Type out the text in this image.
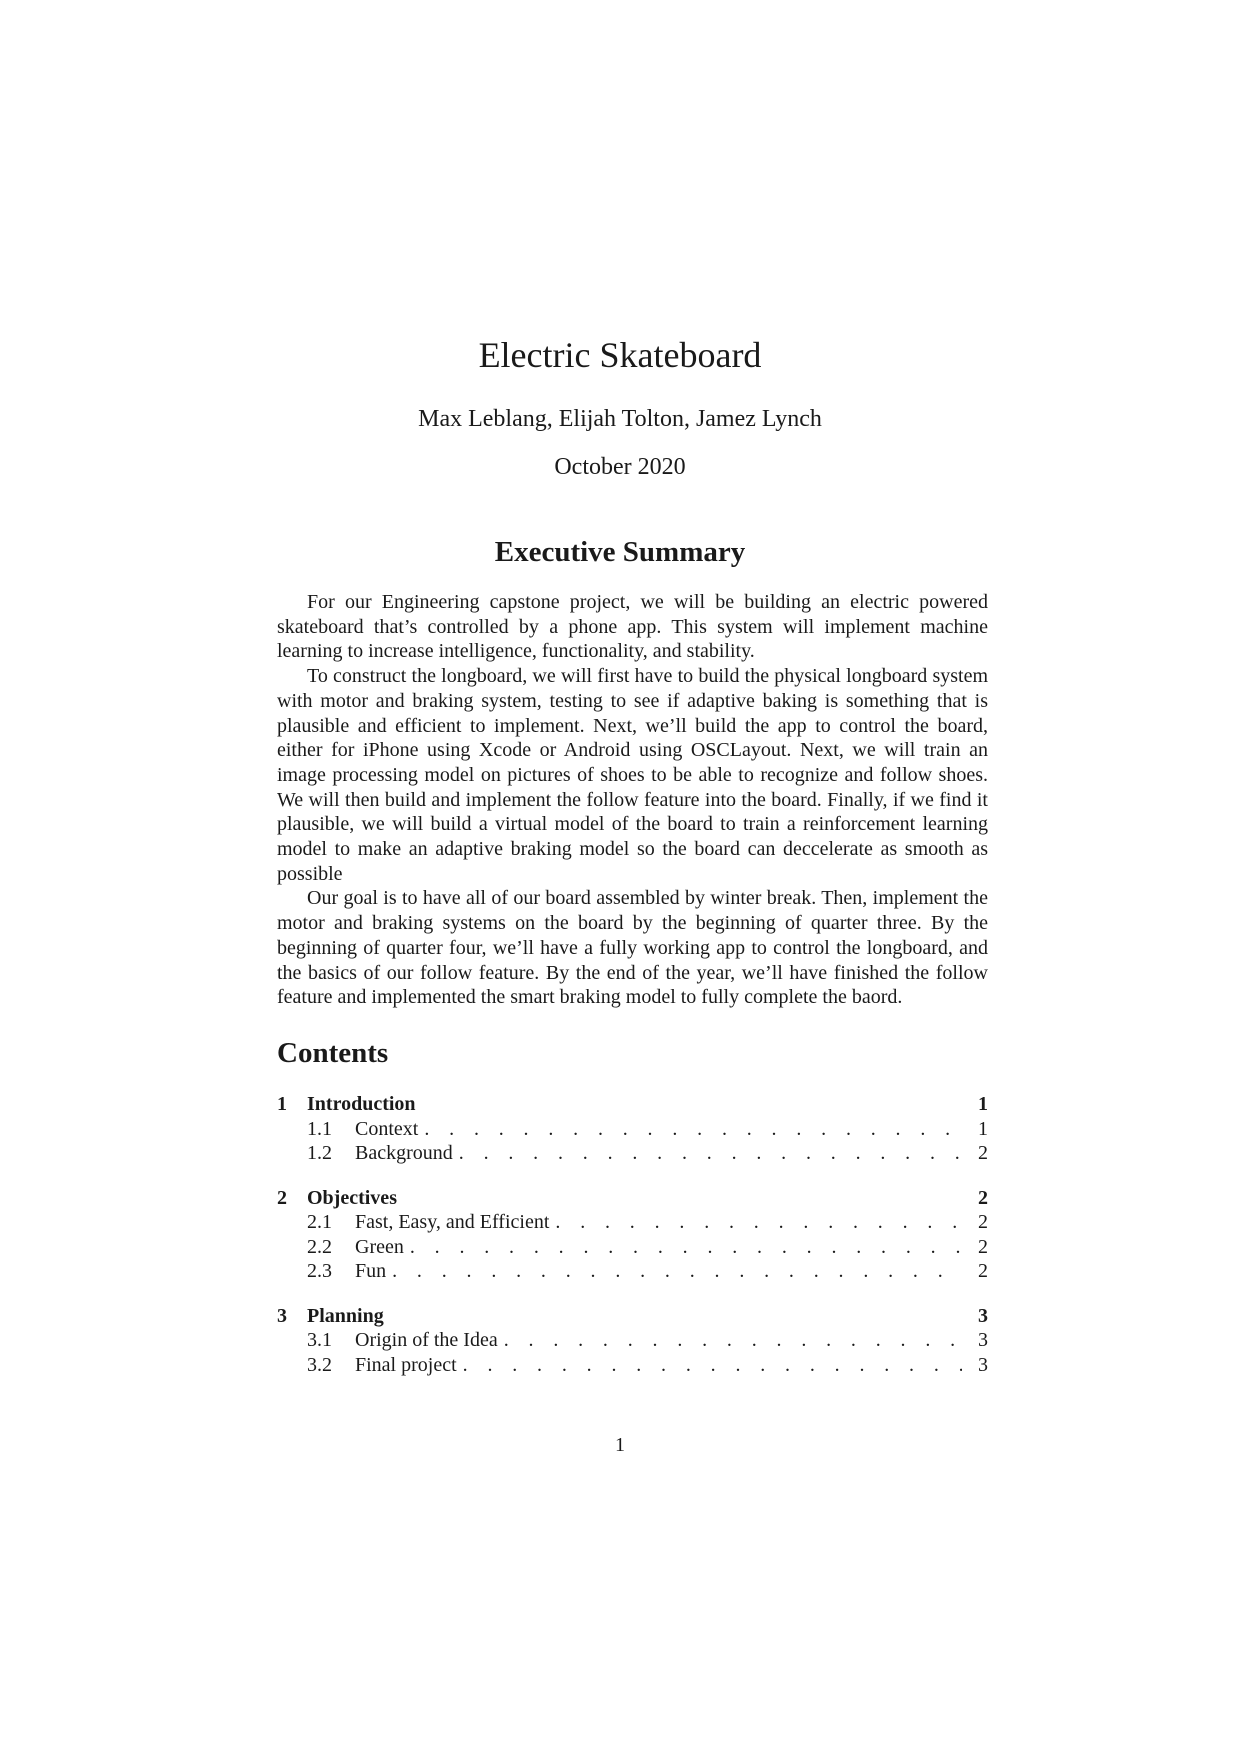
Electric Skateboard
Max Leblang, Elijah Tolton, Jamez Lynch
October 2020
Executive Summary

For our Engineering capstone project, we will be building an electric powered skateboard that’s controlled by a phone app. This system will implement machine learning to increase intelligence, functionality, and stability.

To construct the longboard, we will first have to build the physical longboard system with motor and braking system, testing to see if adaptive baking is something that is plausible and efficient to implement. Next, we’ll build the app to control the board, either for iPhone using Xcode or Android using OSCLayout. Next, we will train an image processing model on pictures of shoes to be able to recognize and follow shoes. We will then build and implement the follow feature into the board. Finally, if we find it plausible, we will build a virtual model of the board to train a reinforcement learning model to make an adaptive braking model so the board can deccelerate as smooth as possible

Our goal is to have all of our board assembled by winter break. Then, implement the motor and braking systems on the board by the beginning of quarter three. By the beginning of quarter four, we’ll have a fully working app to control the longboard, and the basics of our follow feature. By the end of the year, we’ll have finished the follow feature and implemented the smart braking model to fully complete the baord.

Contents
1	Introduction	1
1.1	Context . . .	1
1.2	Background . . .	2
2	Objectives	2
2.1	Fast, Easy, and Efficient . . .	2
2.2	Green . . .	2
2.3	Fun . . .	2
3	Planning	3
3.1	Origin of the Idea . . .	3
3.2	Final project . . .	3
1
